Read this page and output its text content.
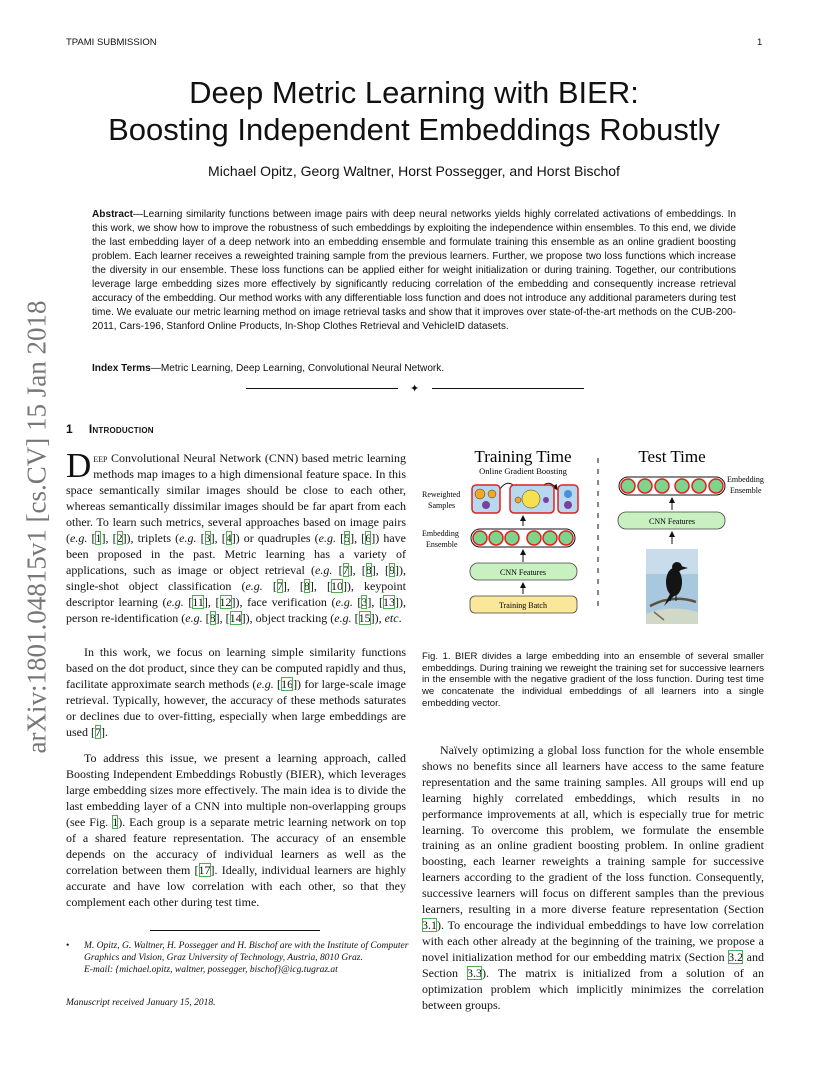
TPAMI SUBMISSION	1
arXiv:1801.04815v1 [cs.CV] 15 Jan 2018
Deep Metric Learning with BIER:
Boosting Independent Embeddings Robustly
Michael Opitz, Georg Waltner, Horst Possegger, and Horst Bischof
Abstract—Learning similarity functions between image pairs with deep neural networks yields highly correlated activations of embeddings. In this work, we show how to improve the robustness of such embeddings by exploiting the independence within ensembles. To this end, we divide the last embedding layer of a deep network into an embedding ensemble and formulate training this ensemble as an online gradient boosting problem. Each learner receives a reweighted training sample from the previous learners. Further, we propose two loss functions which increase the diversity in our ensemble. These loss functions can be applied either for weight initialization or during training. Together, our contributions leverage large embedding sizes more effectively by significantly reducing correlation of the embedding and consequently increase retrieval accuracy of the embedding. Our method works with any differentiable loss function and does not introduce any additional parameters during test time. We evaluate our metric learning method on image retrieval tasks and show that it improves over state-of-the-art methods on the CUB-200-2011, Cars-196, Stanford Online Products, In-Shop Clothes Retrieval and VehicleID datasets.
Index Terms—Metric Learning, Deep Learning, Convolutional Neural Network.
✦
1 Introduction

Deep Convolutional Neural Network (CNN) based metric learning methods map images to a high dimensional feature space. In this space semantically similar images should be close to each other, whereas semantically dissimilar images should be far apart from each other. To learn such metrics, several approaches based on image pairs (e.g. [1], [2]), triplets (e.g. [3], [4]) or quadruples (e.g. [5], [6]) have been proposed in the past. Metric learning has a variety of applications, such as image or object retrieval (e.g. [7], [8], [9]), single-shot object classification (e.g. [7], [8], [10]), keypoint descriptor learning (e.g. [11], [12]), face verification (e.g. [3], [13]), person re-identification (e.g. [8], [14]), object tracking (e.g. [15]), etc.

In this work, we focus on learning simple similarity functions based on the dot product, since they can be computed rapidly and thus, facilitate approximate search methods (e.g. [16]) for large-scale image retrieval. Typically, however, the accuracy of these methods saturates or declines due to over-fitting, especially when large embeddings are used [7].

To address this issue, we present a learning approach, called Boosting Independent Embeddings Robustly (BIER), which leverages large embedding sizes more effectively. The main idea is to divide the last embedding layer of a CNN into multiple non-overlapping groups (see Fig. 1). Each group is a separate metric learning network on top of a shared feature representation. The accuracy of an ensemble depends on the accuracy of individual learners as well as the correlation between them [17]. Ideally, individual learners are highly accurate and have low correlation with each other, so that they complement each other during test time.

• M. Opitz, G. Waltner, H. Possegger and H. Bischof are with the Institute of Computer Graphics and Vision, Graz University of Technology, Austria, 8010 Graz.
E-mail: {michael.opitz, waltner, possegger, bischof}@icg.tugraz.at
Manuscript received January 15, 2018.
Training Time	Test Time
Online Gradient Boosting
Reweighted
Samples
Embedding
Ensemble
CNN Features
Training Batch
Embedding
Ensemble
CNN Features
Fig. 1. BIER divides a large embedding into an ensemble of several smaller embeddings. During training we reweight the training set for successive learners in the ensemble with the negative gradient of the loss function. During test time we concatenate the individual embeddings of all learners into a single embedding vector.
Naïvely optimizing a global loss function for the whole ensemble shows no benefits since all learners have access to the same feature representation and the same training samples. All groups will end up learning highly correlated embeddings, which results in no performance improvements at all, which is especially true for metric learning. To overcome this problem, we formulate the ensemble training as an online gradient boosting problem. In online gradient boosting, each learner reweights a training sample for successive learners according to the gradient of the loss function. Consequently, successive learners will focus on different samples than the previous learners, resulting in a more diverse feature representation (Section 3.1). To encourage the individual embeddings to have low correlation with each other already at the beginning of the training, we propose a novel initialization method for our embedding matrix (Section 3.2 and Section 3.3). The matrix is initialized from a solution of an optimization problem which implicitly minimizes the correlation between groups.
